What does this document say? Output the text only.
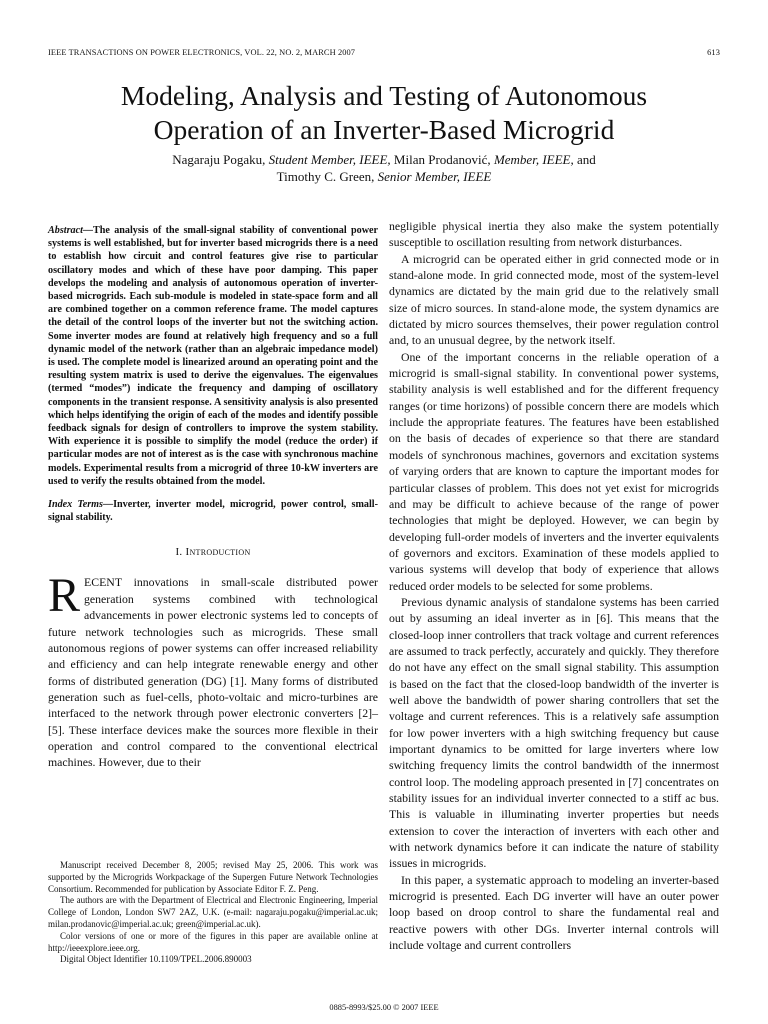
IEEE TRANSACTIONS ON POWER ELECTRONICS, VOL. 22, NO. 2, MARCH 2007	613
Modeling, Analysis and Testing of Autonomous
Operation of an Inverter-Based Microgrid
Nagaraju Pogaku, Student Member, IEEE, Milan Prodanović, Member, IEEE, and
Timothy C. Green, Senior Member, IEEE
Abstract—The analysis of the small-signal stability of conventional power systems is well established, but for inverter based microgrids there is a need to establish how circuit and control features give rise to particular oscillatory modes and which of these have poor damping. This paper develops the modeling and analysis of autonomous operation of inverter-based microgrids. Each sub-module is modeled in state-space form and all are combined together on a common reference frame. The model captures the detail of the control loops of the inverter but not the switching action. Some inverter modes are found at relatively high frequency and so a full dynamic model of the network (rather than an algebraic impedance model) is used. The complete model is linearized around an operating point and the resulting system matrix is used to derive the eigenvalues. The eigenvalues (termed “modes”) indicate the frequency and damping of oscillatory components in the transient response. A sensitivity analysis is also presented which helps identifying the origin of each of the modes and identify possible feedback signals for design of controllers to improve the system stability. With experience it is possible to simplify the model (reduce the order) if particular modes are not of interest as is the case with synchronous machine models. Experimental results from a microgrid of three 10-kW inverters are used to verify the results obtained from the model.
Index Terms—Inverter, inverter model, microgrid, power control, small-signal stability.
I. Introduction

RECENT innovations in small-scale distributed power generation systems combined with technological advancements in power electronic systems led to concepts of future network technologies such as microgrids. These small autonomous regions of power systems can offer increased reliability and efficiency and can help integrate renewable energy and other forms of distributed generation (DG) [1]. Many forms of distributed generation such as fuel-cells, photo-voltaic and micro-turbines are interfaced to the network through power electronic converters [2]–[5]. These interface devices make the sources more flexible in their operation and control compared to the conventional electrical machines. However, due to their

Manuscript received December 8, 2005; revised May 25, 2006. This work was supported by the Microgrids Workpackage of the Supergen Future Network Technologies Consortium. Recommended for publication by Associate Editor F. Z. Peng.

The authors are with the Department of Electrical and Electronic Engineering, Imperial College of London, London SW7 2AZ, U.K. (e-mail: nagaraju.pogaku@imperial.ac.uk; milan.prodanovic@imperial.ac.uk; green@imperial.ac.uk).

Color versions of one or more of the figures in this paper are available online at http://ieeexplore.ieee.org.

Digital Object Identifier 10.1109/TPEL.2006.890003

negligible physical inertia they also make the system potentially susceptible to oscillation resulting from network disturbances.

A microgrid can be operated either in grid connected mode or in stand-alone mode. In grid connected mode, most of the system-level dynamics are dictated by the main grid due to the relatively small size of micro sources. In stand-alone mode, the system dynamics are dictated by micro sources themselves, their power regulation control and, to an unusual degree, by the network itself.

One of the important concerns in the reliable operation of a microgrid is small-signal stability. In conventional power systems, stability analysis is well established and for the different frequency ranges (or time horizons) of possible concern there are models which include the appropriate features. The features have been established on the basis of decades of experience so that there are standard models of synchronous machines, governors and excitation systems of varying orders that are known to capture the important modes for particular classes of problem. This does not yet exist for microgrids and may be difficult to achieve because of the range of power technologies that might be deployed. However, we can begin by developing full-order models of inverters and the inverter equivalents of governors and excitors. Examination of these models applied to various systems will develop that body of experience that allows reduced order models to be selected for some problems.

Previous dynamic analysis of standalone systems has been carried out by assuming an ideal inverter as in [6]. This means that the closed-loop inner controllers that track voltage and current references are assumed to track perfectly, accurately and quickly. They therefore do not have any effect on the small signal stability. This assumption is based on the fact that the closed-loop bandwidth of the inverter is well above the bandwidth of power sharing controllers that set the voltage and current references. This is a relatively safe assumption for low power inverters with a high switching frequency but cause important dynamics to be omitted for large inverters where low switching frequency limits the control bandwidth of the innermost control loop. The modeling approach presented in [7] concentrates on stability issues for an individual inverter connected to a stiff ac bus. This is valuable in illuminating inverter properties but needs extension to cover the interaction of inverters with each other and with network dynamics before it can indicate the nature of stability issues in microgrids.

In this paper, a systematic approach to modeling an inverter-based microgrid is presented. Each DG inverter will have an outer power loop based on droop control to share the fundamental real and reactive powers with other DGs. Inverter internal controls will include voltage and current controllers

0885-8993/$25.00 © 2007 IEEE
